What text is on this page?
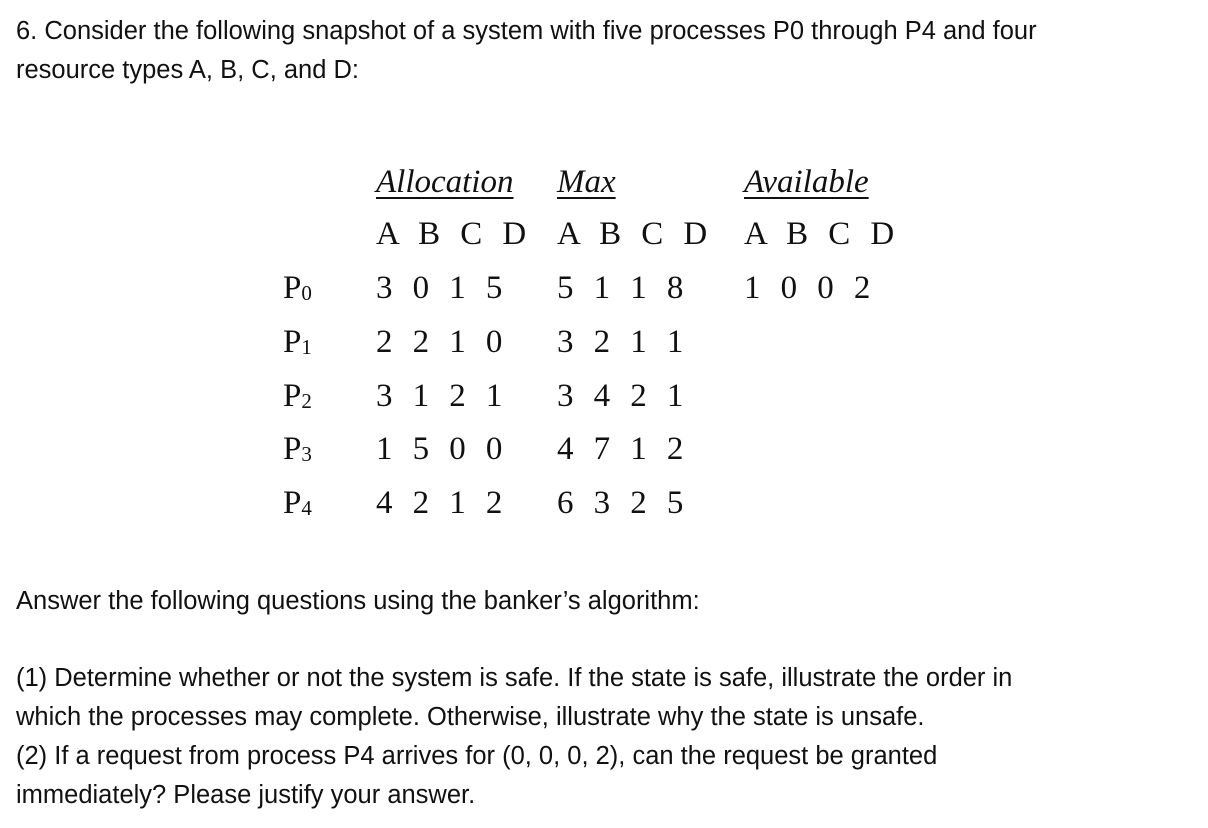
6. Consider the following snapshot of a system with five processes P0 through P4 and four
resource types A, B, C, and D:
Allocation Max	Available
A B C D A B C D A B C D
$P_0$ 3 0 1 5 5 1 1 8 1 0 0 2
$P_1$ 2 2 1 0 3 2 1 1
$P_2$ 3 1 2 1 3 4 2 1
$P_3$ 1 5 0 0 4 7 1 2
$P_4$ 4 2 1 2 6 3 2 5
Answer the following questions using the banker’s algorithm:
(1) Determine whether or not the system is safe. If the state is safe, illustrate the order in
which the processes may complete. Otherwise, illustrate why the state is unsafe.
(2) If a request from process P4 arrives for (0, 0, 0, 2), can the request be granted
immediately? Please justify your answer.
